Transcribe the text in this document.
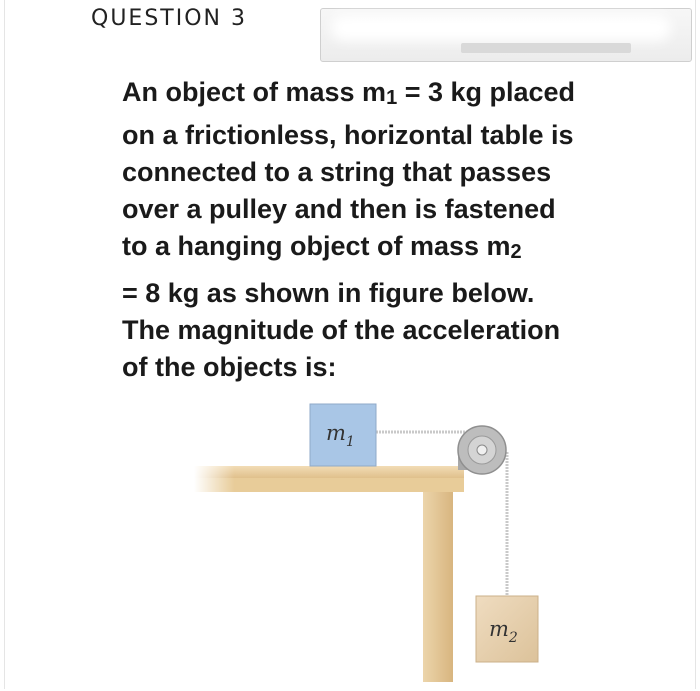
QUESTION 3
An object of mass $m_1 = 3$ kg placed
on a frictionless, horizontal table is
connected to a string that passes
over a pulley and then is fastened
to a hanging object of mass $m_2$
= 8 kg as shown in figure below.
The magnitude of the acceleration
of the objects is:
$m_1$
$m_2$
